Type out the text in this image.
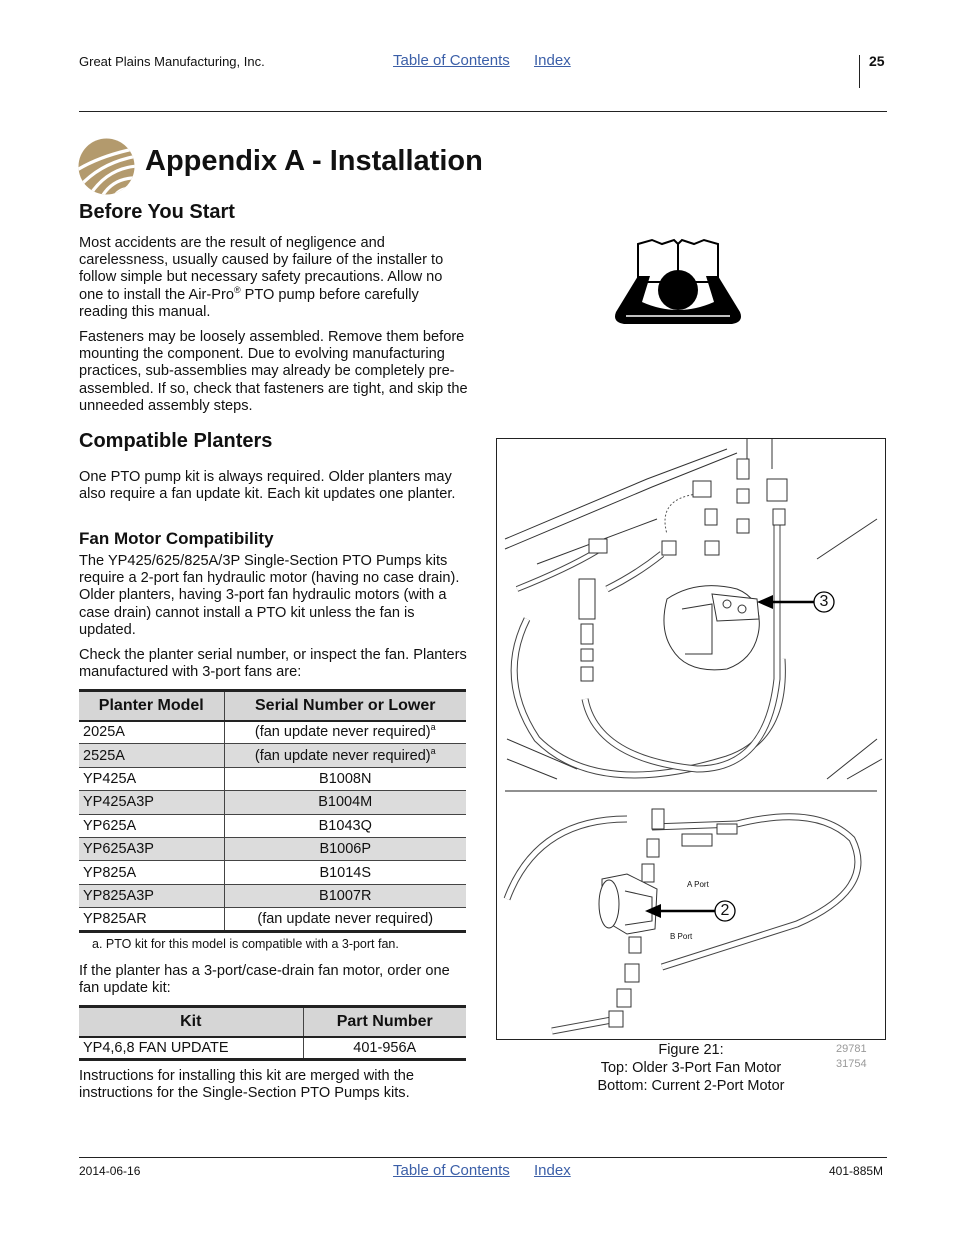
Great Plains Manufacturing, Inc.	Table of Contents Index	25
Appendix A - Installation
Before You Start

Most accidents are the result of negligence and carelessness, usually caused by failure of the installer to follow simple but necessary safety precautions. Allow no one to install the Air-Pro® PTO pump before carefully reading this manual.

Fasteners may be loosely assembled. Remove them before mounting the component. Due to evolving manufacturing practices, sub-assemblies may already be completely pre-assembled. If so, check that fasteners are tight, and skip the unneeded assembly steps.

Compatible Planters

One PTO pump kit is always required. Older planters may also require a fan update kit. Each kit updates one planter.

Fan Motor Compatibility

The YP425/625/825A/3P Single-Section PTO Pumps kits require a 2-port fan hydraulic motor (having no case drain). Older planters, having 3-port fan hydraulic motors (with a case drain) cannot install a PTO kit unless the fan is updated.

Check the planter serial number, or inspect the fan. Planters manufactured with 3-port fans are:

Planter Model	Serial Number or Lower
2025A	(fan update never required)$^a$
2525A	(fan update never required)$^a$
YP425A	B1008N
YP425A3P	B1004M
YP625A	B1043Q
YP625A3P	B1006P
YP825A	B1014S
YP825A3P	B1007R
YP825AR	(fan update never required)
a. PTO kit for this model is compatible with a 3-port fan.

If the planter has a 3-port/case-drain fan motor, order one fan update kit:

Kit	Part Number
YP4,6,8 FAN UPDATE	401-956A

Instructions for installing this kit are merged with the instructions for the Single-Section PTO Pumps kits.

3
2
A Port
B Port
Figure 21:
Top: Older 3-Port Fan Motor
Bottom: Current 2-Port Motor
29781
31754
2014-06-16	Table of Contents Index	401-885M
